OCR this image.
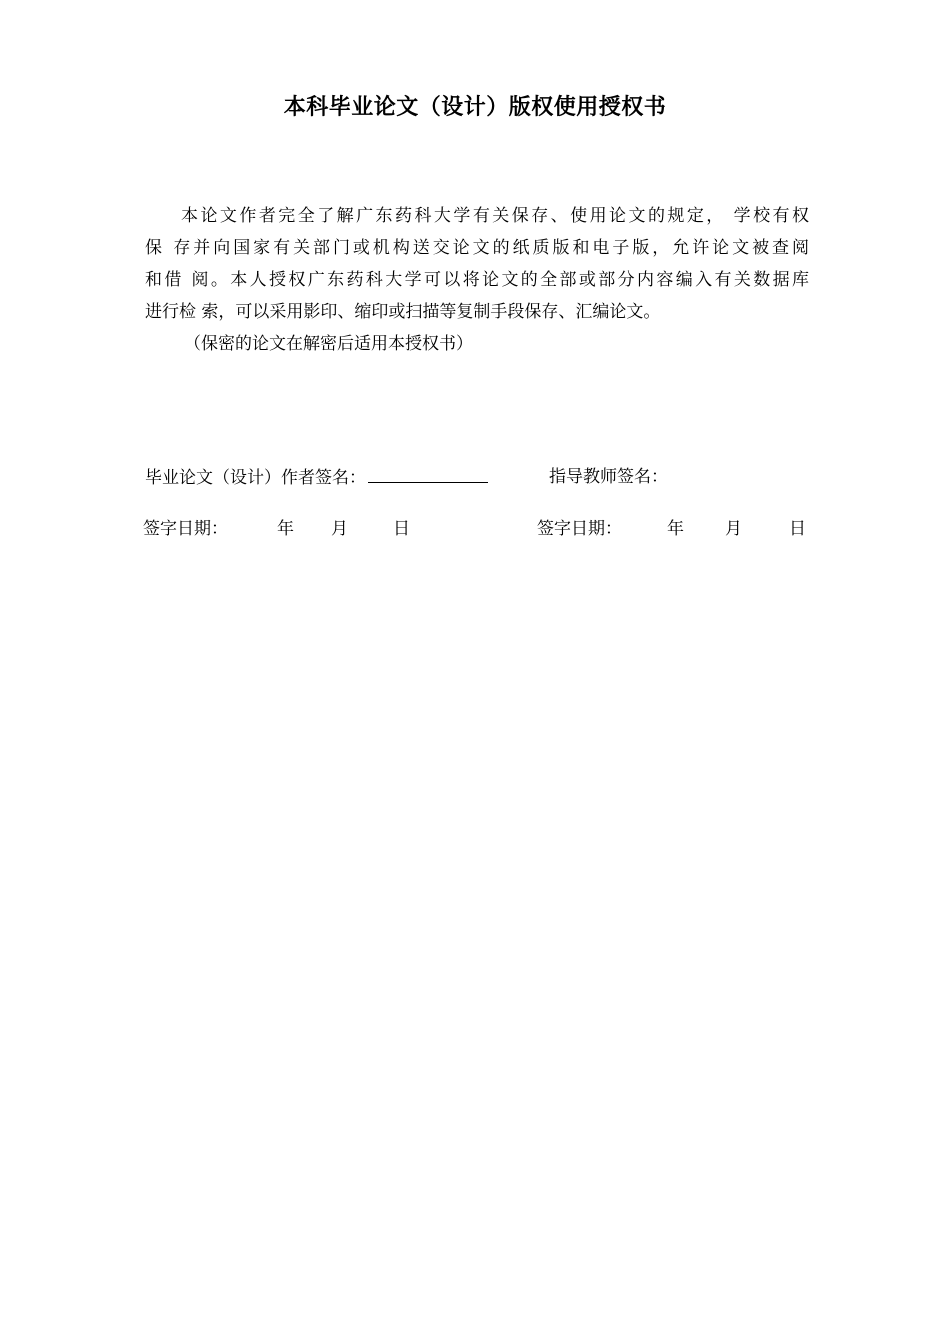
本科毕业论文（设计）版权使用授权书
本论文作者完全了解广东药科大学有关保存、使用论文的规定， 学校有权
保 存并向国家有关部门或机构送交论文的纸质版和电子版，允许论文被查阅
和借 阅。本人授权广东药科大学可以将论文的全部或部分内容编入有关数据库
进行检 索，可以采用影印、缩印或扫描等复制手段保存、汇编论文。
（保密的论文在解密后适用本授权书）
毕业论文（设计）作者签名：	指导教师签名：
签字日期：	年 月	日	签字日期：	年 月	日
